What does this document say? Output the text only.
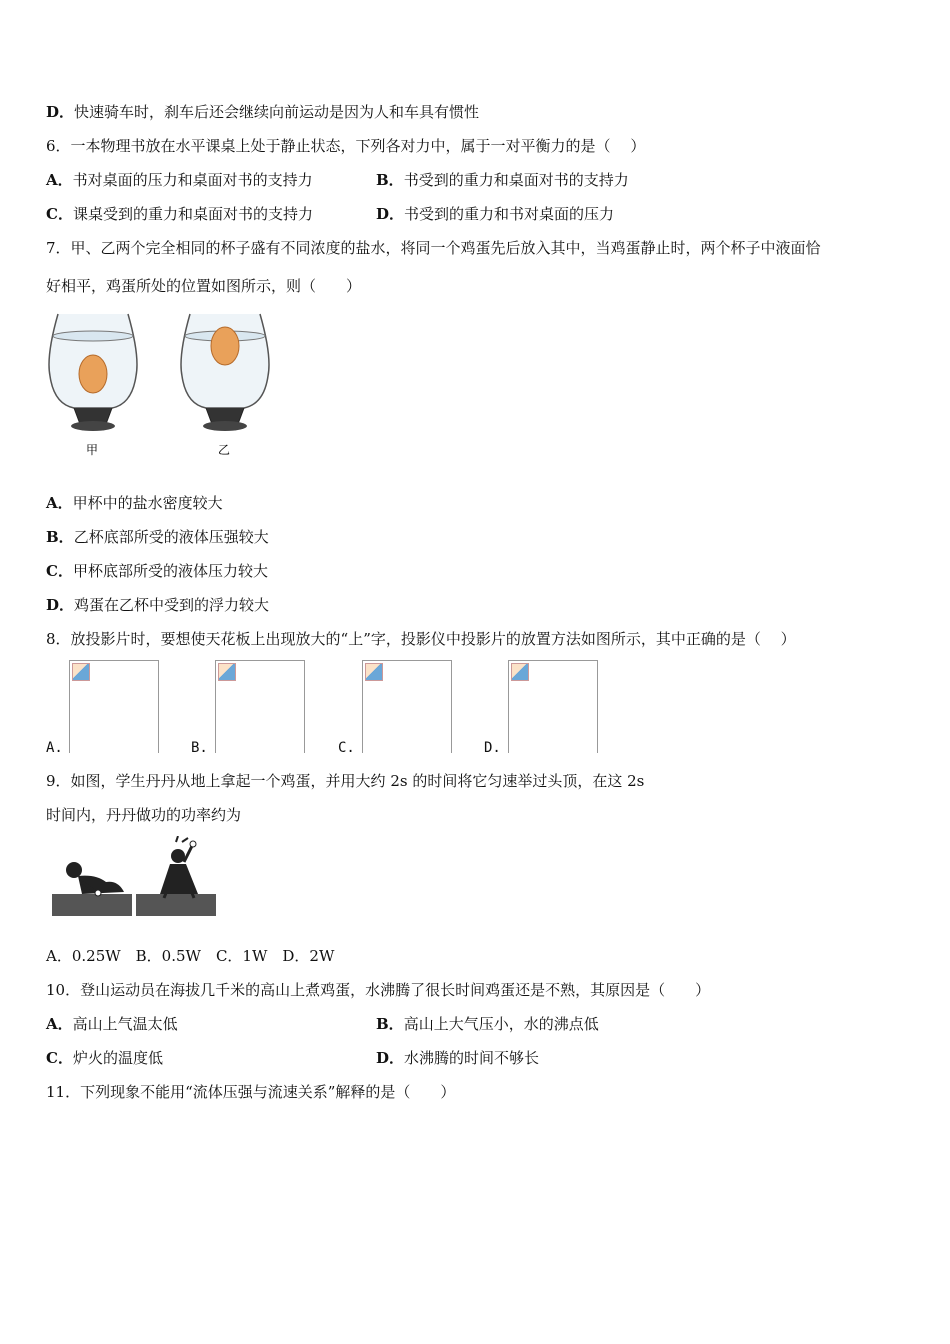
D．快速骑车时，刹车后还会继续向前运动是因为人和车具有惯性
6．一本物理书放在水平课桌上处于静止状态，下列各对力中，属于一对平衡力的是（　 ）
A．书对桌面的压力和桌面对书的支持力	B．书受到的重力和桌面对书的支持力
C．课桌受到的重力和桌面对书的支持力	D．书受到的重力和书对桌面的压力
7．甲、乙两个完全相同的杯子盛有不同浓度的盐水，将同一个鸡蛋先后放入其中，当鸡蛋静止时，两个杯子中液面恰
好相平，鸡蛋所处的位置如图所示，则（　　）
甲	乙
A．甲杯中的盐水密度较大
B．乙杯底部所受的液体压强较大
C．甲杯底部所受的液体压力较大
D．鸡蛋在乙杯中受到的浮力较大
8．放投影片时，要想使天花板上出现放大的“上”字，投影仪中投影片的放置方法如图所示，其中正确的是（　 ）
A.	B.	C.	D.
9．如图，学生丹丹从地上拿起一个鸡蛋，并用大约 2s 的时间将它匀速举过头顶，在这 2s
时间内，丹丹做功的功率约为
A．0.25W　B．0.5W　C．1W　D．2W
10．登山运动员在海拔几千米的高山上煮鸡蛋，水沸腾了很长时间鸡蛋还是不熟，其原因是（　　）
A．高山上气温太低	B．高山上大气压小，水的沸点低
C．炉火的温度低	D．水沸腾的时间不够长
11．下列现象不能用“流体压强与流速关系”解释的是（　　）
